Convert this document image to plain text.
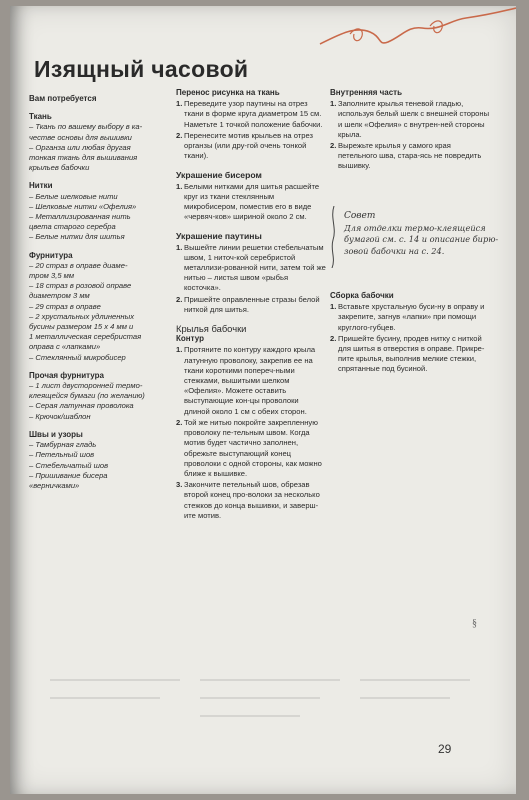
Изящный часовой
Вам потребуется

Ткань

– Ткань по вашему выбору в ка-

честве основы для вышивки

– Органза или любая другая

тонкая ткань для вышивания

крыльев бабочки

Нитки

– Белые шелковые нити

– Шелковые нитки «Офелия»

– Металлизированная нить

цвета старого серебра

– Белые нитки для шитья

Фурнитура

– 20 страз в оправе диаме-

тром 3,5 мм

– 18 страз в розовой оправе

диаметром 3 мм

– 29 страз в оправе

– 2 хрустальных удлиненных

бусины размером 15 x 4 мм и

1 металлическая серебристая

оправа с «лапками»

– Стеклянный микробисер

Прочая фурнитура

– 1 лист двусторонней термо-

клеящейся бумаги (по желанию)

– Серая латунная проволока

– Крючок/шаблон

Швы и узоры

– Тамбурная гладь

– Петельный шов

– Стебельчатый шов

– Пришивание бисера

«верничками»

Перенос рисунка на ткань
1. Переведите узор паутины на отрез ткани в форме круга диаметром 15 см. Наметьте 1 точкой положение бабочки.
2. Перенесите мотив крыльев на отрез органзы (или дру-гой очень тонкой ткани).
Украшение бисером
1. Белыми нитками для шитья расшейте круг из ткани стеклянным микробисером, поместив его в виде «червяч-ков» шириной около 2 см.
Украшение паутины
1. Вышейте линии решетки стебельчатым швом, 1 ниточ-кой серебристой металлизи-рованной нити, затем той же нитью – листья швом «рыбья косточка».
2. Пришейте оправленные стразы белой ниткой для шитья.
Крылья бабочки
Контур
1. Протяните по контуру каждого крыла латунную проволоку, закрепив ее на ткани короткими попереч-ными стежками, вышитыми шелком «Офелия». Можете оставить выступающие кон-цы проволоки длиной около 1 см с обеих сторон.
2. Той же нитью покройте закрепленную проволоку пе-тельным швом. Когда мотив будет частично заполнен, обрежьте выступающий конец проволоки с одной стороны, как можно ближе к вышивке.
3. Закончите петельный шов, обрезав второй конец про-волоки за несколько стежков до конца вышивки, и заверш-ите мотив.
Внутренняя часть
1. Заполните крылья теневой гладью, используя белый шелк с внешней стороны и шелк «Офелия» с внутрен-ней стороны крыла.
2. Вырежьте крылья у самого края петельного шва, стара-ясь не повредить вышивку.

Совет

Для отделки термо-клеящейся бумагой см. с. 14 и описание бирю-зовой бабочки на с. 24.

Сборка бабочки
1. Вставьте хрустальную буси-ну в оправу и закрепите, загнув «лапки» при помощи круглого-губцев.
2. Пришейте бусину, продев нитку с ниткой для шитья в отверстия в оправе. Прикре-пите крылья, выполнив мелкие стежки, спрятанные под бусиной.
§
29
